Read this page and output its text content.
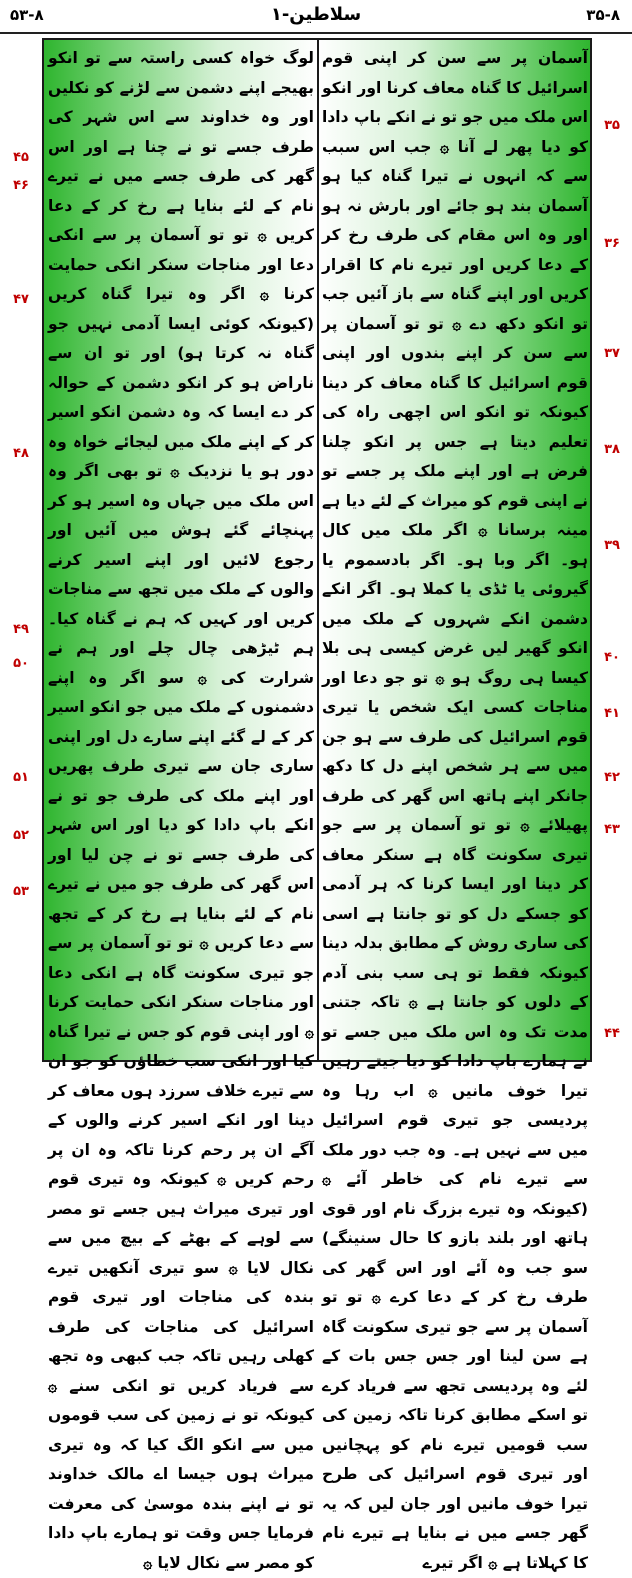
۵۳-۸	۱-سلاطین	۳۵-۸

آسمان پر سے سن کر اپنی قوم اسرائیل کا گناہ معاف کرنا اور انکو اس ملک میں جو تو نے انکے باپ دادا کو دیا پھر لے آنا ۞ جب اس سبب سے کہ انہوں نے تیرا گناہ کیا ہو آسمان بند ہو جائے اور بارش نہ ہو اور وہ اس مقام کی طرف رخ کر کے دعا کریں اور تیرے نام کا اقرار کریں اور اپنے گناہ سے باز آئیں جب تو انکو دکھ دے ۞ تو تو آسمان پر سے سن کر اپنے بندوں اور اپنی قوم اسرائیل کا گناہ معاف کر دینا کیونکہ تو انکو اس اچھی راہ کی تعلیم دیتا ہے جس پر انکو چلنا فرض ہے اور اپنے ملک پر جسے تو نے اپنی قوم کو میراث کے لئے دیا ہے مینہ برسانا ۞ اگر ملک میں کال ہو۔ اگر وبا ہو۔ اگر بادسموم یا گیروئی یا ٹڈی یا کملا ہو۔ اگر انکے دشمن انکے شہروں کے ملک میں انکو گھیر لیں غرض کیسی ہی بلا کیسا ہی روگ ہو ۞ تو جو دعا اور مناجات کسی ایک شخص یا تیری قوم اسرائیل کی طرف سے ہو جن میں سے ہر شخص اپنے دل کا دکھ جانکر اپنے ہاتھ اس گھر کی طرف پھیلائے ۞ تو تو آسمان پر سے جو تیری سکونت گاہ ہے سنکر معاف کر دینا اور ایسا کرنا کہ ہر آدمی کو جسکے دل کو تو جانتا ہے اسی کی ساری روش کے مطابق بدلہ دینا کیونکہ فقط تو ہی سب بنی آدم کے دلوں کو جانتا ہے ۞ تاکہ جتنی مدت تک وہ اس ملک میں جسے تو نے ہمارے باپ دادا کو دیا جیتے رہیں تیرا خوف مانیں ۞ اب رہا وہ پردیسی جو تیری قوم اسرائیل میں سے نہیں ہے۔ وہ جب دور ملک سے تیرے نام کی خاطر آئے ۞ (کیونکہ وہ تیرے بزرگ نام اور قوی ہاتھ اور بلند بازو کا حال سنینگے) سو جب وہ آئے اور اس گھر کی طرف رخ کر کے دعا کرے ۞ تو تو آسمان پر سے جو تیری سکونت گاہ ہے سن لینا اور جس جس بات کے لئے وہ پردیسی تجھ سے فریاد کرے تو اسکے مطابق کرنا تاکہ زمین کی سب قومیں تیرے نام کو پہچانیں اور تیری قوم اسرائیل کی طرح تیرا خوف مانیں اور جان لیں کہ یہ گھر جسے میں نے بنایا ہے تیرے نام کا کہلاتا ہے ۞ اگر تیرے

لوگ خواہ کسی راستہ سے تو انکو بھیجے اپنے دشمن سے لڑنے کو نکلیں اور وہ خداوند سے اس شہر کی طرف جسے تو نے چنا ہے اور اس گھر کی طرف جسے میں نے تیرے نام کے لئے بنایا ہے رخ کر کے دعا کریں ۞ تو تو آسمان پر سے انکی دعا اور مناجات سنکر انکی حمایت کرنا ۞ اگر وہ تیرا گناہ کریں (کیونکہ کوئی ایسا آدمی نہیں جو گناہ نہ کرتا ہو) اور تو ان سے ناراض ہو کر انکو دشمن کے حوالہ کر دے ایسا کہ وہ دشمن انکو اسیر کر کے اپنے ملک میں لیجائے خواہ وہ دور ہو یا نزدیک ۞ تو بھی اگر وہ اس ملک میں جہاں وہ اسیر ہو کر پہنچائے گئے ہوش میں آئیں اور رجوع لائیں اور اپنے اسیر کرنے والوں کے ملک میں تجھ سے مناجات کریں اور کہیں کہ ہم نے گناہ کیا۔ ہم ٹیڑھی چال چلے اور ہم نے شرارت کی ۞ سو اگر وہ اپنے دشمنوں کے ملک میں جو انکو اسیر کر کے لے گئے اپنے سارے دل اور اپنی ساری جان سے تیری طرف پھریں اور اپنے ملک کی طرف جو تو نے انکے باپ دادا کو دیا اور اس شہر کی طرف جسے تو نے چن لیا اور اس گھر کی طرف جو میں نے تیرے نام کے لئے بنایا ہے رخ کر کے تجھ سے دعا کریں ۞ تو تو آسمان پر سے جو تیری سکونت گاہ ہے انکی دعا اور مناجات سنکر انکی حمایت کرنا ۞ اور اپنی قوم کو جس نے تیرا گناہ کیا اور انکی سب خطاؤں کو جو ان سے تیرے خلاف سرزد ہوں معاف کر دینا اور انکے اسیر کرنے والوں کے آگے ان پر رحم کرنا تاکہ وہ ان پر رحم کریں ۞ کیونکہ وہ تیری قوم اور تیری میراث ہیں جسے تو مصر سے لوہے کے بھٹے کے بیچ میں سے نکال لایا ۞ سو تیری آنکھیں تیرے بندہ کی مناجات اور تیری قوم اسرائیل کی مناجات کی طرف کھلی رہیں تاکہ جب کبھی وہ تجھ سے فریاد کریں تو انکی سنے ۞ کیونکہ تو نے زمین کی سب قوموں میں سے انکو الگ کیا کہ وہ تیری میراث ہوں جیسا اے مالک خداوند تو نے اپنے بندہ موسیٰ کی معرفت فرمایا جس وقت تو ہمارے باپ دادا کو مصر سے نکال لایا ۞

۳۵
۳۶
۳۷
۳۸
۳۹
۴۰
۴۱
۴۲
۴۳
۴۴
۴۵
۴۶
۴۷
۴۸
۴۹
۵۰
۵۱
۵۲
۵۳
